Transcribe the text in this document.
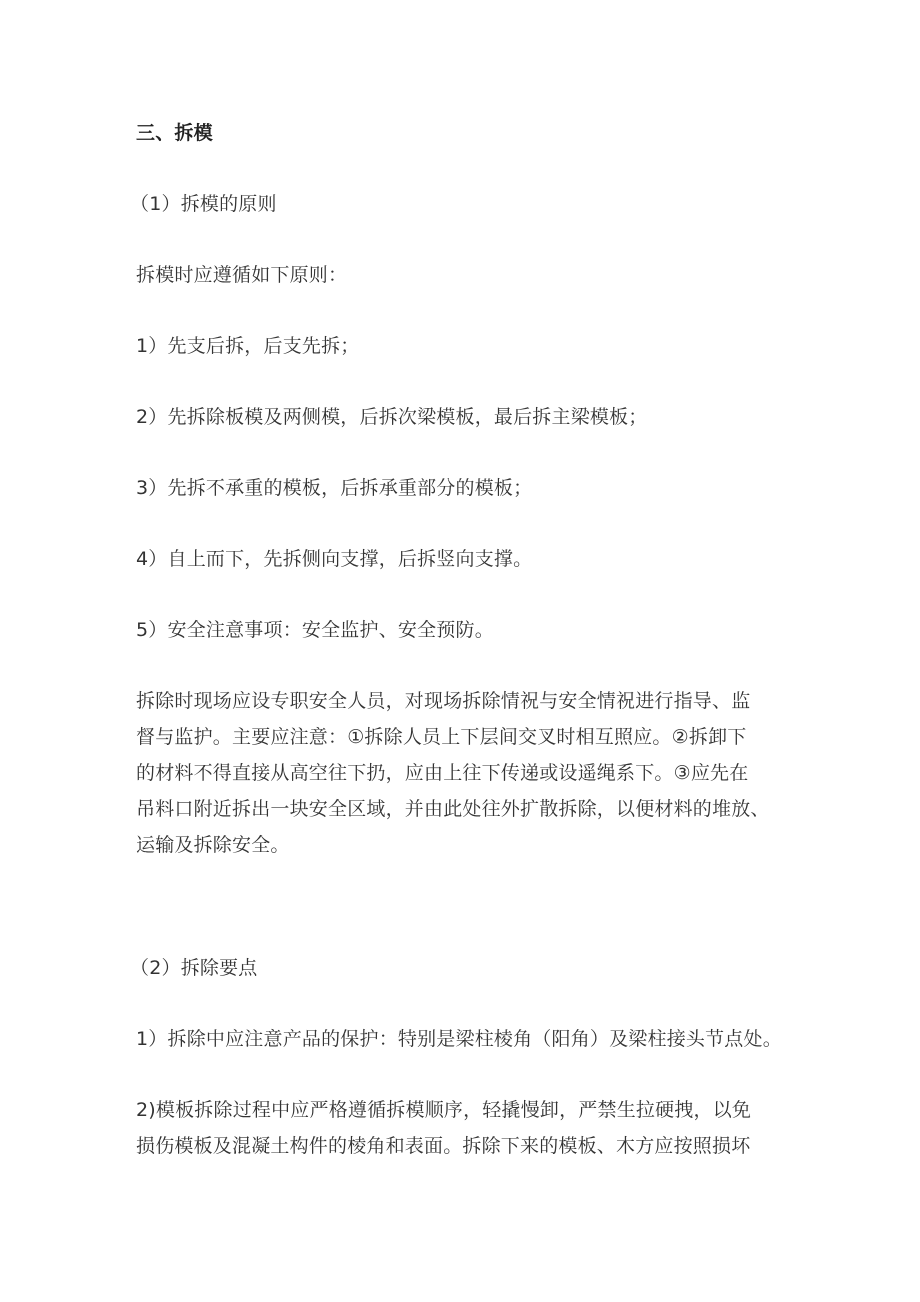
三、拆模
（1）拆模的原则
拆模时应遵循如下原则：
1）先支后拆，后支先拆；
2）先拆除板模及两侧模，后拆次梁模板，最后拆主梁模板；
3）先拆不承重的模板，后拆承重部分的模板；
4）自上而下，先拆侧向支撑，后拆竖向支撑。
5）安全注意事项：安全监护、安全预防。
拆除时现场应设专职安全人员，对现场拆除情祝与安全情祝进行指导、监
督与监护。主要应注意：①拆除人员上下层间交叉时相互照应。②拆卸下
的材料不得直接从高空往下扔，应由上往下传递或设遥绳系下。③应先在
吊料口附近拆出一块安全区域，并由此处往外扩散拆除，以便材料的堆放、
运输及拆除安全。
（2）拆除要点
1）拆除中应注意产品的保护：特别是梁柱棱角（阳角）及梁柱接头节点处。
2)模板拆除过程中应严格遵循拆模顺序，轻撬慢卸，严禁生拉硬拽，以免
损伤模板及混凝土构件的棱角和表面。拆除下来的模板、木方应按照损坏
